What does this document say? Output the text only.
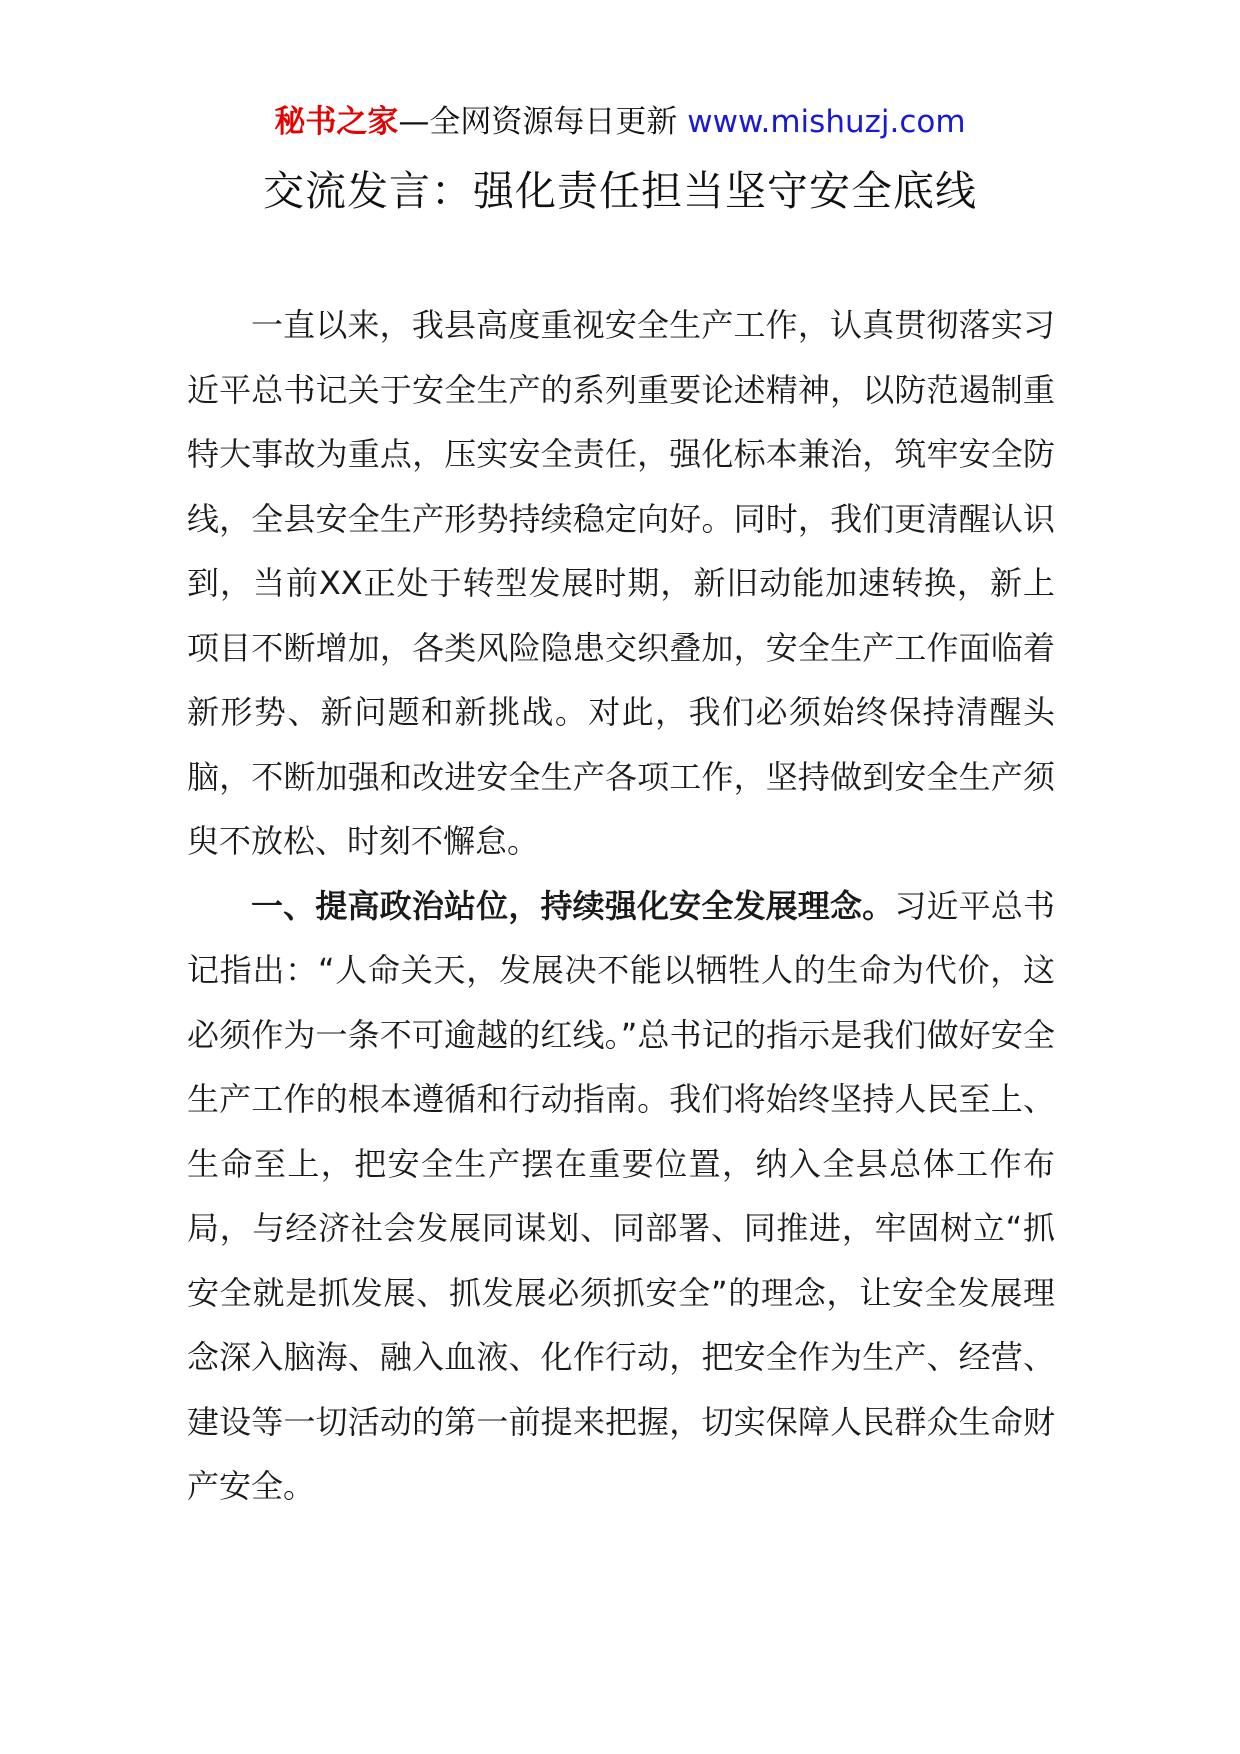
秘书之家—全网资源每日更新 www.mishuzj.com
交流发言：强化责任担当坚守安全底线

一直以来，我县高度重视安全生产工作，认真贯彻落实习近平总书记关于安全生产的系列重要论述精神，以防范遏制重特大事故为重点，压实安全责任，强化标本兼治，筑牢安全防线，全县安全生产形势持续稳定向好。同时，我们更清醒认识到，当前XX正处于转型发展时期，新旧动能加速转换，新上项目不断增加，各类风险隐患交织叠加，安全生产工作面临着新形势、新问题和新挑战。对此，我们必须始终保持清醒头脑，不断加强和改进安全生产各项工作，坚持做到安全生产须臾不放松、时刻不懈怠。

一、提高政治站位，持续强化安全发展理念。习近平总书记指出：“人命关天，发展决不能以牺牲人的生命为代价，这必须作为一条不可逾越的红线。”总书记的指示是我们做好安全生产工作的根本遵循和行动指南。我们将始终坚持人民至上、生命至上，把安全生产摆在重要位置，纳入全县总体工作布局，与经济社会发展同谋划、同部署、同推进，牢固树立“抓安全就是抓发展、抓发展必须抓安全”的理念，让安全发展理念深入脑海、融入血液、化作行动，把安全作为生产、经营、建设等一切活动的第一前提来把握，切实保障人民群众生命财产安全。
